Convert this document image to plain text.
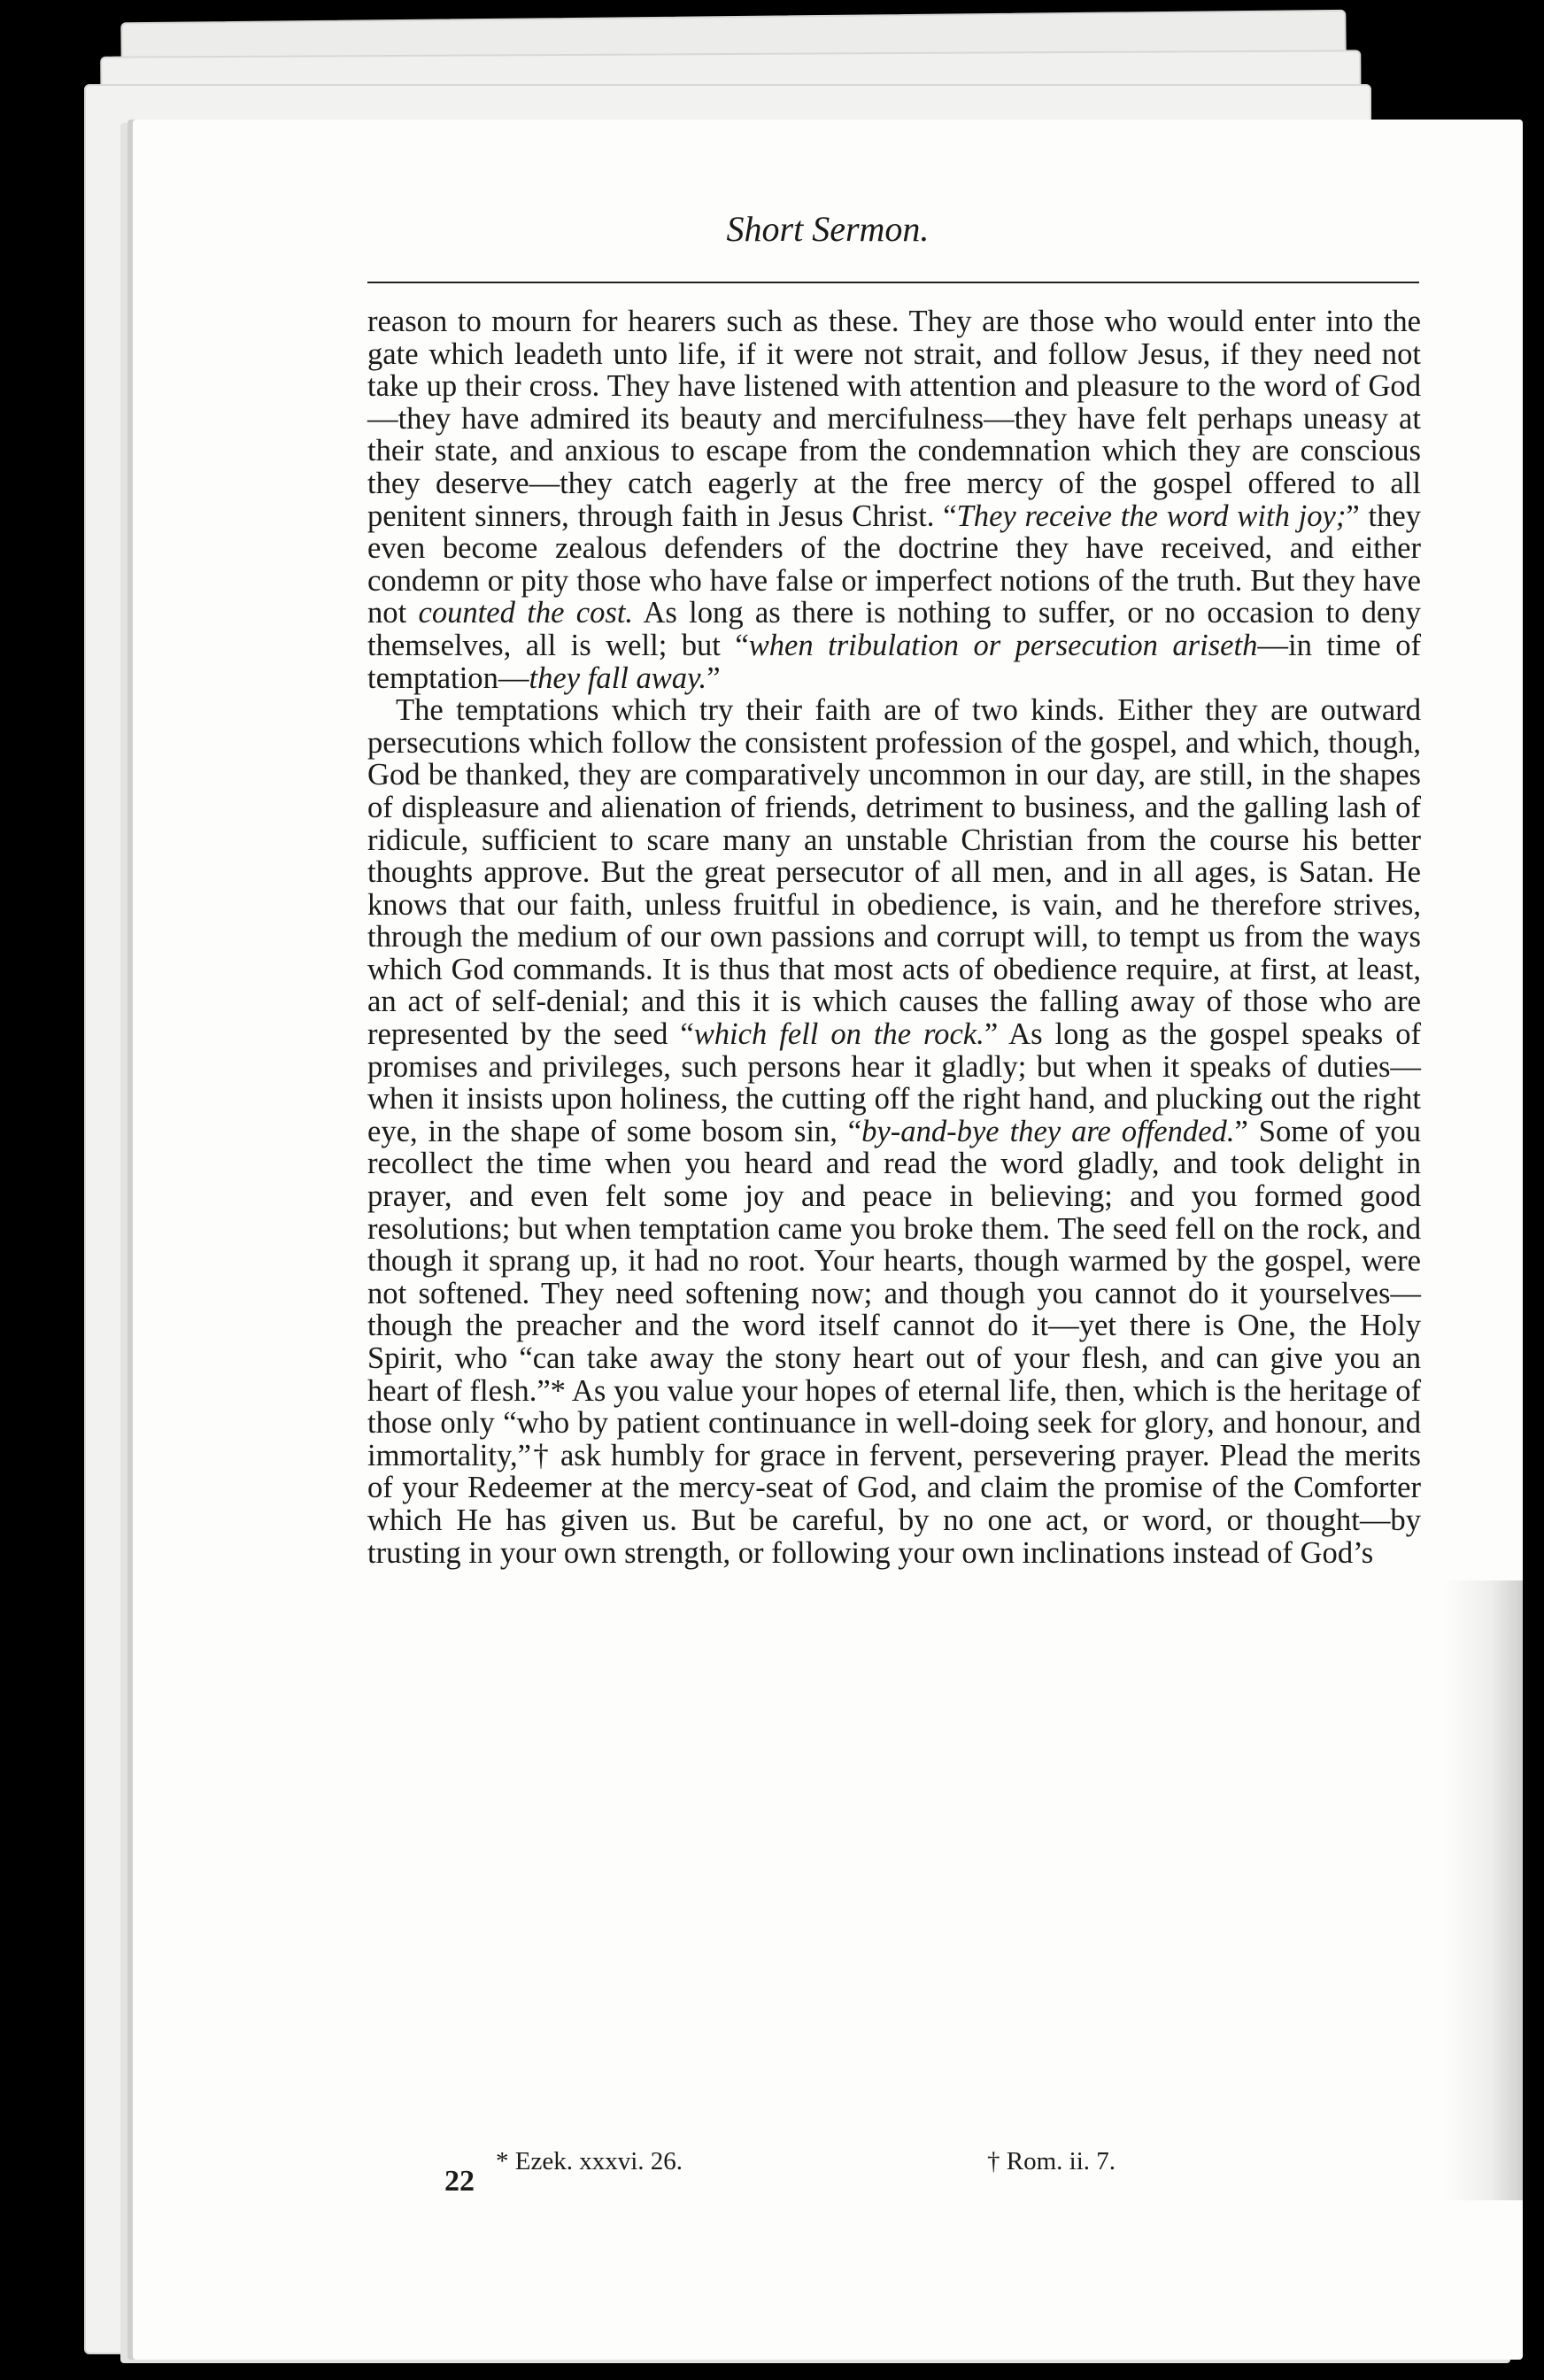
Short Sermon.

reason to mourn for hearers such as these. They are those who would enter into the gate which leadeth unto life, if it were not strait, and follow Jesus, if they need not take up their cross. They have listened with attention and pleasure to the word of God —they have admired its beauty and mercifulness—they have felt perhaps uneasy at their state, and anxious to escape from the condemnation which they are conscious they deserve—they catch eagerly at the free mercy of the gospel offered to all penitent sinners, through faith in Jesus Christ. “They receive the word with joy;” they even become zealous defenders of the doctrine they have received, and either condemn or pity those who have false or imperfect notions of the truth. But they have not counted the cost. As long as there is nothing to suffer, or no occasion to deny themselves, all is well; but “when tribulation or persecution ariseth—in time of temptation—they fall away.”

The temptations which try their faith are of two kinds. Either they are outward persecutions which follow the consistent profession of the gospel, and which, though, God be thanked, they are comparatively uncommon in our day, are still, in the shapes of displeasure and alienation of friends, detriment to business, and the galling lash of ridicule, sufficient to scare many an unstable Christian from the course his better thoughts approve. But the great persecutor of all men, and in all ages, is Satan. He knows that our faith, unless fruitful in obedience, is vain, and he therefore strives, through the medium of our own passions and corrupt will, to tempt us from the ways which God commands. It is thus that most acts of obedience require, at first, at least, an act of self-denial; and this it is which causes the falling away of those who are represented by the seed “which fell on the rock.” As long as the gospel speaks of promises and privileges, such persons hear it gladly; but when it speaks of duties—when it insists upon holiness, the cutting off the right hand, and plucking out the right eye, in the shape of some bosom sin, “by-and-bye they are offended.” Some of you recollect the time when you heard and read the word gladly, and took delight in prayer, and even felt some joy and peace in believing; and you formed good resolutions; but when temptation came you broke them. The seed fell on the rock, and though it sprang up, it had no root. Your hearts, though warmed by the gospel, were not softened. They need softening now; and though you cannot do it yourselves—though the preacher and the word itself cannot do it—yet there is One, the Holy Spirit, who “can take away the stony heart out of your flesh, and can give you an heart of flesh.”* As you value your hopes of eternal life, then, which is the heritage of those only “who by patient continuance in well-doing seek for glory, and honour, and immortality,”† ask humbly for grace in fervent, persevering prayer. Plead the merits of your Redeemer at the mercy-seat of God, and claim the promise of the Comforter which He has given us. But be careful, by no one act, or word, or thought—by trusting in your own strength, or following your own inclinations instead of God’s

22
* Ezek. xxxvi. 26.	† Rom. ii. 7.
